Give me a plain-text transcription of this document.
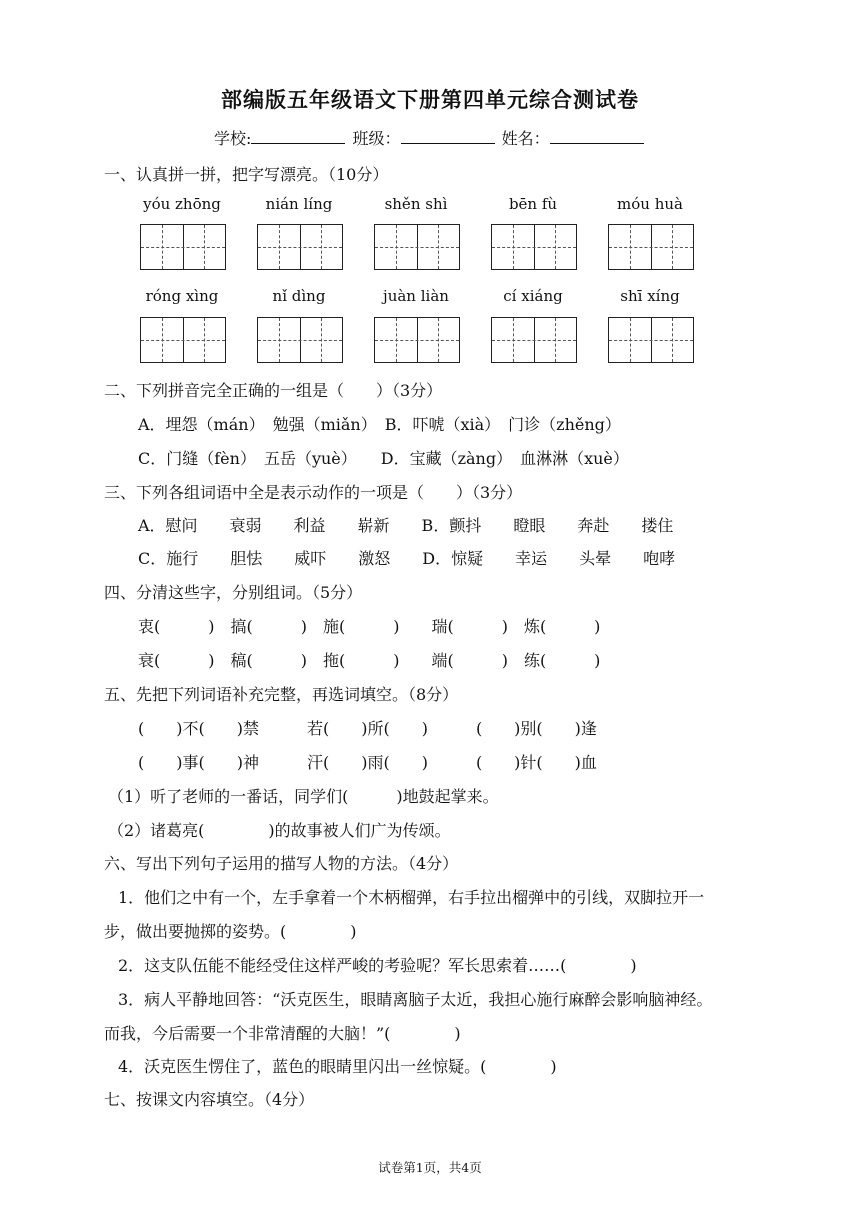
部编版五年级语文下册第四单元综合测试卷
学校:	班级：	姓名：
一、认真拼一拼，把字写漂亮。（10分）
yóu zhōng	nián líng	shěn shì	bēn fù	móu huà
róng xìng	nǐ dìng	juàn liàn	cí xiáng	shī xíng
二、下列拼音完全正确的一组是（　　）（3分）
A．埋怨（mán）　勉强（miǎn）　B．吓唬（xià）　门诊（zhěng）
C．门缝（fèn）　五岳（yuè）　　D．宝藏（zàng）　血淋淋（xuè）
三、下列各组词语中全是表示动作的一项是（　　）（3分）
A．慰问　　衰弱　　利益　　崭新　　B．颤抖　　瞪眼　　奔赴　　搂住
C．施行　　胆怯　　威吓　　激怒　　D．惊疑　　幸运　　头晕　　咆哮
四、分清这些字，分别组词。（5分）
衷(　　　)　搞(　　　)　施(　　　)　　瑞(　　　)　炼(　　　)
衰(　　　)　稿(　　　)　拖(　　　)　　端(　　　)　练(　　　)
五、先把下列词语补充完整，再选词填空。（8分）
(　　)不(　　)禁　　　若(　　)所(　　)　　　(　　)别(　　)逢
(　　)事(　　)神　　　汗(　　)雨(　　)　　　(　　)针(　　)血
（1）听了老师的一番话，同学们(　　　)地鼓起掌来。
（2）诸葛亮(　　　　)的故事被人们广为传颂。
六、写出下列句子运用的描写人物的方法。（4分）
1．他们之中有一个，左手拿着一个木柄榴弹，右手拉出榴弹中的引线，双脚拉开一
步，做出要抛掷的姿势。(　　　　)
2．这支队伍能不能经受住这样严峻的考验呢？军长思索着……(　　　　)
3．病人平静地回答：“沃克医生，眼睛离脑子太近，我担心施行麻醉会影响脑神经。
而我，今后需要一个非常清醒的大脑！”(　　　　)
4．沃克医生愣住了，蓝色的眼睛里闪出一丝惊疑。(　　　　)
七、按课文内容填空。（4分）
试卷第1页，共4页
